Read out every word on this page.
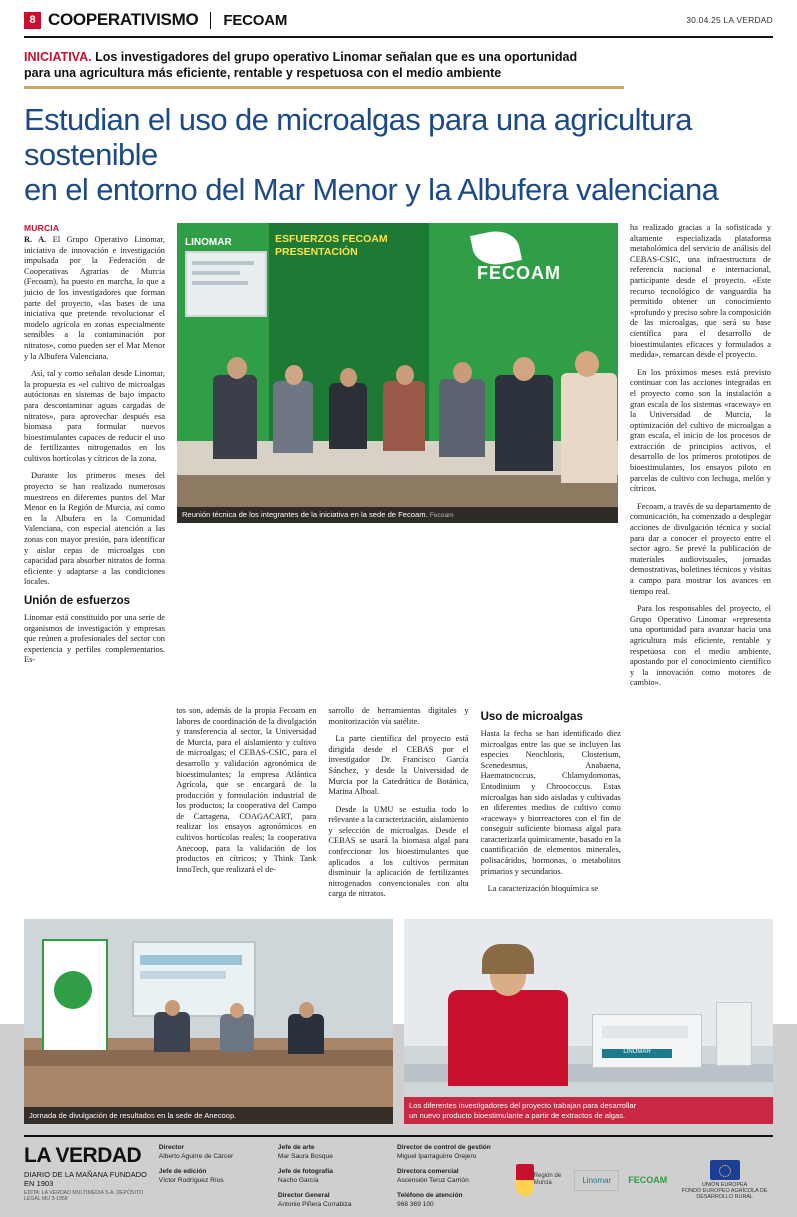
8 COOPERATIVISMO FECOAM	30.04.25 LA VERDAD
INICIATIVA. Los investigadores del grupo operativo Linomar señalan que es una oportunidad
para una agricultura más eficiente, rentable y respetuosa con el medio ambiente
Estudian el uso de microalgas para una agricultura sostenible
en el entorno del Mar Menor y la Albufera valenciana
MURCIA

R. A. El Grupo Operativo Linomar, iniciativa de innovación e investigación impulsada por la Federación de Cooperativas Agrarias de Murcia (Fecoam), ha puesto en marcha, lo que a juicio de los investigadores que forman parte del proyecto, «las bases de una iniciativa que pretende revolucionar el modelo agrícola en zonas especialmente sensibles a la contaminación por nitratos», como pueden ser el Mar Menor y la Albufera Valenciana.

Así, tal y como señalan desde Linomar, la propuesta es «el cultivo de microalgas autóctonas en sistemas de bajo impacto para descontaminar aguas cargadas de nitratos», para aprovechar después esa biomasa para formular nuevos bioestimulantes capaces de reducir el uso de fertilizantes nitrogenados en los cultivos hortícolas y cítricos de la zona.

Durante los primeros meses del proyecto se han realizado numerosos muestreos en diferentes puntos del Mar Menor en la Región de Murcia, así como en la Albufera en la Comunidad Valenciana, con especial atención a las zonas con mayor presión, para identificar y aislar cepas de microalgas con capacidad para absorber nitratos de forma eficiente y adaptarse a las condiciones locales.

Unión de esfuerzos

Linomar está constituido por una serie de organismos de investigación y empresas que reúnen a profesionales del sector con experiencia y perfiles complementarios. Es-

LINOMAR	ESFUERZOS FECOAM PRESENTACIÓN
FECOAM
Reunión técnica de los integrantes de la iniciativa en la sede de Fecoam. Fecoam

ha realizado gracias a la sofisticada y altamente especializada plataforma metabolómica del servicio de análisis del CEBAS-CSIC, una infraestructura de referencia nacional e internacional, participante desde el proyecto. «Este recurso tecnológico de vanguardia ha permitido obtener un conocimiento «profundo y preciso sobre la composición de las microalgas, que será su base científica para el desarrollo de bioestimulantes eficaces y formulados a medida», remarcan desde el proyecto.

En los próximos meses está previsto continuar con las acciones integradas en el proyecto como son la instalación a gran escala de los sistemas «raceway» en la Universidad de Murcia, la optimización del cultivo de microalgas a gran escala, el inicio de los procesos de extracción de principios activos, el desarrollo de los primeros prototipos de bioestimulantes, los ensayos piloto en parcelas de cultivo con lechuga, melón y cítricos.

Fecoam, a través de su departamento de comunicación, ha comenzado a desplegar acciones de divulgación técnica y social para dar a conocer el proyecto entre el sector agro. Se prevé la publicación de materiales audiovisuales, jornadas demostrativas, boletines técnicos y visitas a campo para mostrar los avances en tiempo real.

Para los responsables del proyecto, el Grupo Operativo Linomar «representa una oportunidad para avanzar hacia una agricultura más eficiente, rentable y respetuosa con el medio ambiente, apostando por el conocimiento científico y la innovación como motores de cambio».

tos son, además de la propia Fecoam en labores de coordinación de la divulgación y transferencia al sector, la Universidad de Murcia, para el aislamiento y cultivo de microalgas; el CEBAS-CSIC, para el desarrollo y validación agronómica de bioestimulantes; la empresa Atlántica Agrícola, que se encargará de la producción y formulación industrial de los productos; la cooperativa del Campo de Cartagena, COAGACART, para realizar los ensayos agronómicos en cultivos hortícolas reales; la cooperativa Anecoop, para la validación de los productos en cítricos; y Think Tank InnoTech, que realizará el de-

sarrollo de herramientas digitales y monitorización vía satélite.

La parte científica del proyecto está dirigida desde el CEBAS por el investigador Dr. Francisco García Sánchez, y desde la Universidad de Murcia por la Catedrática de Botánica, Marina Alboal.

Desde la UMU se estudia todo lo relevante a la caracterización, aislamiento y selección de microalgas. Desde el CEBAS se usará la biomasa algal para confeccionar los bioestimulantes que aplicados a los cultivos permitan disminuir la aplicación de fertilizantes nitrogenados convencionales con alta carga de nitratos.

Uso de microalgas

Hasta la fecha se han identificado diez microalgas entre las que se incluyen las especies Neochloris, Closterium, Scenedesmus, Anabaena, Haematococcus, Chlamydomonas, Entodinium y Chroococcus. Estas microalgas han sido aisladas y cultivadas en diferentes medios de cultivo como «raceway» y biorreactores con el fin de conseguir suficiente biomasa algal para caracterizarla químicamente, basado en la cuantificación de elementos minerales, polisacáridos, hormonas, o metabolitos primarios y secundarios.

La caracterización bioquímica se

Jornada de divulgación de resultados en la sede de Anecoop.
LINOMAR
Los diferentes investigadores del proyecto trabajan para desarrollar
un nuevo producto bioestimulante a partir de extractos de algas.
LA VERDAD
DIARIO DE LA MAÑANA FUNDADO EN 1903
EDITA: LA VERDAD MULTIMEDIA S.A. DEPÓSITO LEGAL MU 3-1958
Director
Alberto Aguirre de Cárcer
Jefe de edición
Víctor Rodríguez Ríos
Jefe de arte
Mar Saura Bosque
Jefe de fotografía
Nacho García
Director General
Antonio Piñera Corrabiza
Director de control de gestión
Miguel Iparraguirre Orejero
Directora comercial
Ascensión Teruz Carrión
Teléfono de atención
968 369 100
Región de Murcia	Linomar	FECOAM	UNIÓN EUROPEA
FONDO EUROPEO AGRÍCOLA DE DESARROLLO RURAL
